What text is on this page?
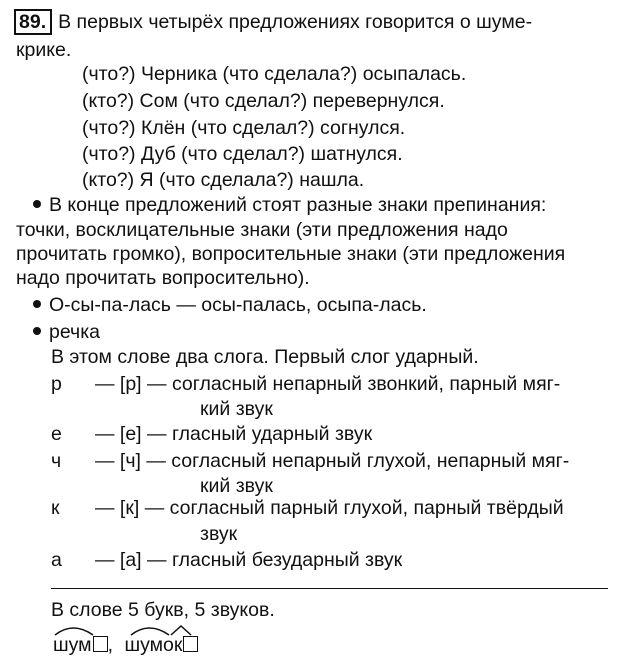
89. В первых четырёх предложениях говорится о шуме-
крике.
(что?) Черника (что сделала?) осыпалась.
(кто?) Сом (что сделал?) перевернулся.
(что?) Клён (что сделал?) согнулся.
(что?) Дуб (что сделал?) шатнулся.
(кто?) Я (что сделала?) нашла.
В конце предложений стоят разные знаки препинания:
точки, восклицательные знаки (эти предложения надо
прочитать громко), вопросительные знаки (эти предложения
надо прочитать вопросительно).
О-сы-па-лась — осы-палась, осыпа-лась.
речка
В этом слове два слога. Первый слог ударный.
р — [р] — согласный непарный звонкий, парный мяг-
кий звук
е — [е] — гласный ударный звук
ч — [ч] — согласный непарный глухой, непарный мяг-
кий звук
к — [к] — согласный парный глухой, парный твёрдый
звук
а — [а] — гласный безударный звук
В слове 5 букв, 5 звуков.
шум , шумок
